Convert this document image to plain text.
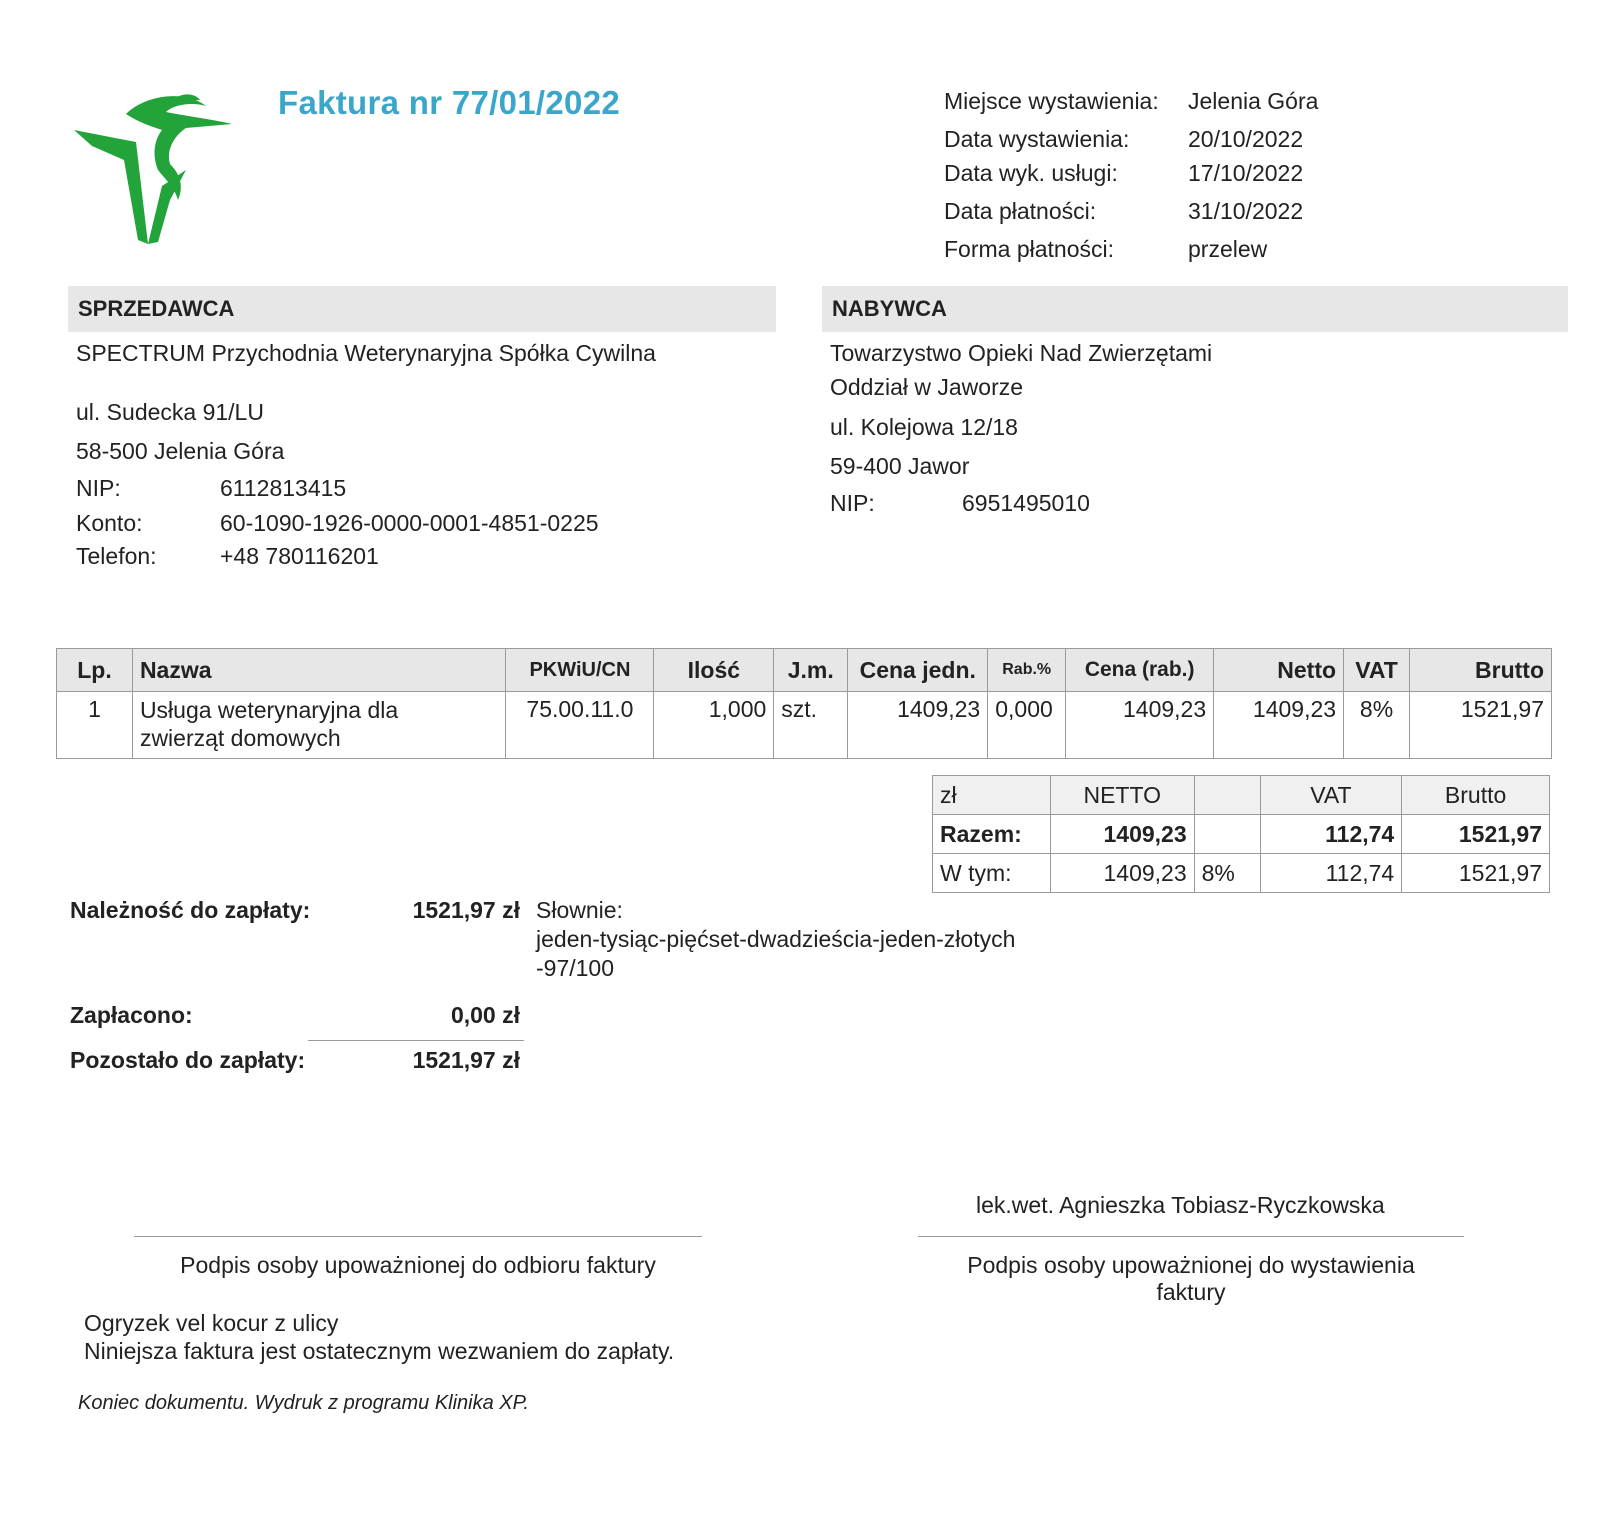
Faktura nr 77/01/2022	Miejsce wystawienia: Jelenia Góra
Data wystawienia:	20/10/2022
Data wyk. usługi:	17/10/2022
Data płatności:	31/10/2022
Forma płatności:	przelew
SPRZEDAWCA
SPECTRUM Przychodnia Weterynaryjna Spółka Cywilna
ul. Sudecka 91/LU
58-500 Jelenia Góra
NIP:	6112813415
Konto:	60-1090-1926-0000-0001-4851-0225
Telefon:	+48 780116201
NABYWCA
Towarzystwo Opieki Nad Zwierzętami
Oddział w Jaworze
ul. Kolejowa 12/18
59-400 Jawor
NIP:	6951495010
Lp.	Nazwa	PKWiU/CN	Ilość	J.m.	Cena jedn.	Rab.%	Cena (rab.)	Netto	VAT	Brutto
1	Usługa weterynaryjna dla
zwierząt domowych	75.00.11.0	1,000	szt.	1409,23	0,000	1409,23	1409,23	8%	1521,97
zł	NETTO		VAT	Brutto
Razem:	1409,23		112,74	1521,97
W tym:	1409,23	8%	112,74	1521,97
Należność do zapłaty:	1521,97 zł Słownie:
jeden-tysiąc-pięćset-dwadzieścia-jeden-złotych
-97/100
Zapłacono:	0,00 zł
Pozostało do zapłaty:	1521,97 zł
lek.wet. Agnieszka Tobiasz-Ryczkowska
Podpis osoby upoważnionej do odbioru faktury	Podpis osoby upoważnionej do wystawienia
faktury
Ogryzek vel kocur z ulicy
Niniejsza faktura jest ostatecznym wezwaniem do zapłaty.
Koniec dokumentu. Wydruk z programu Klinika XP.
